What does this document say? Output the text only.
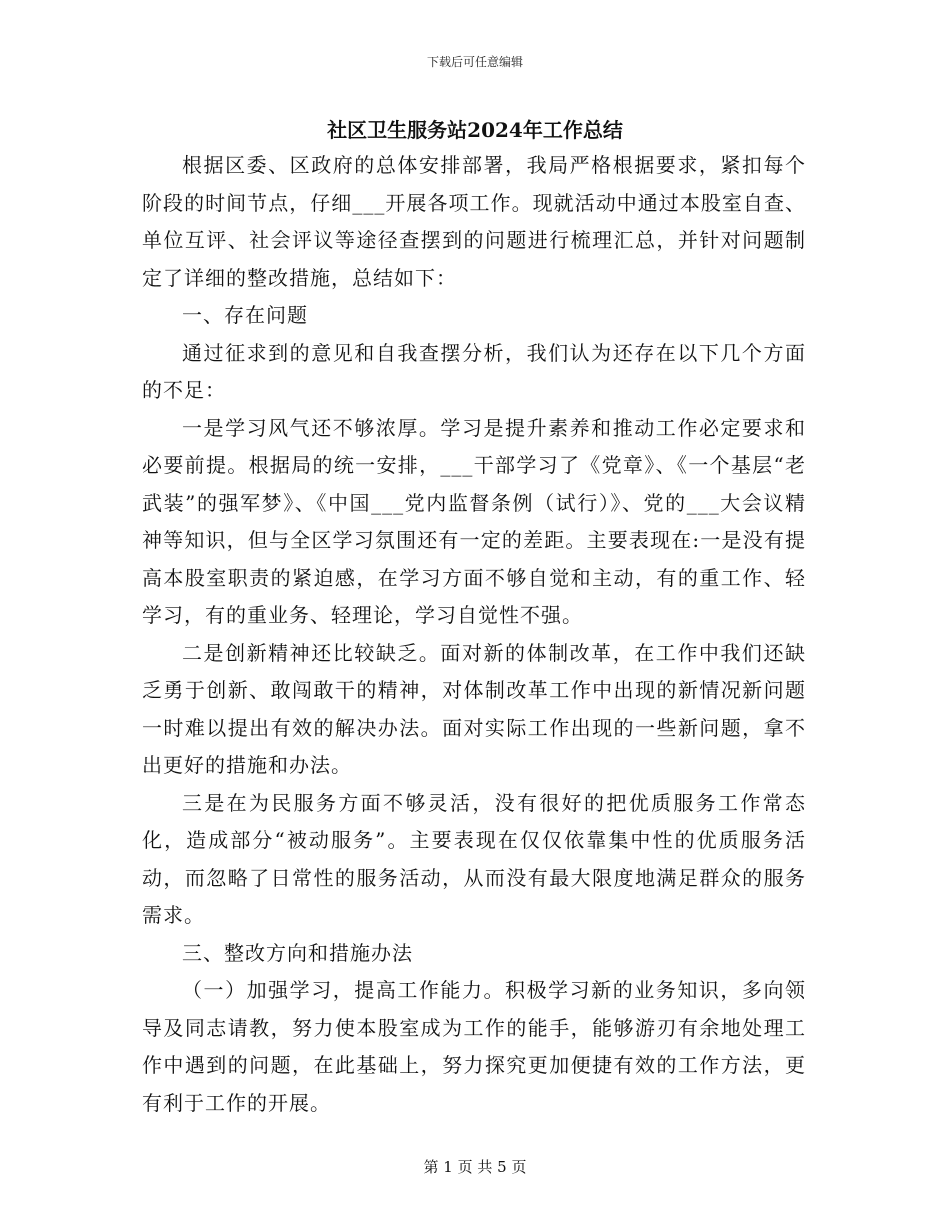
下载后可任意编辑
社区卫生服务站2024年工作总结

根据区委、区政府的总体安排部署，我局严格根据要求，紧扣每个阶段的时间节点，仔细___开展各项工作。现就活动中通过本股室自查、单位互评、社会评议等途径查摆到的问题进行梳理汇总，并针对问题制定了详细的整改措施，总结如下：

一、存在问题

通过征求到的意见和自我查摆分析，我们认为还存在以下几个方面的不足：

一是学习风气还不够浓厚。学习是提升素养和推动工作必定要求和必要前提。根据局的统一安排，___干部学习了《党章》、《一个基层“老武装”的强军梦》、《中国___党内监督条例（试行）》、党的___大会议精神等知识，但与全区学习氛围还有一定的差距。主要表现在:一是没有提高本股室职责的紧迫感，在学习方面不够自觉和主动，有的重工作、轻学习，有的重业务、轻理论，学习自觉性不强。

二是创新精神还比较缺乏。面对新的体制改革，在工作中我们还缺乏勇于创新、敢闯敢干的精神，对体制改革工作中出现的新情况新问题一时难以提出有效的解决办法。面对实际工作出现的一些新问题，拿不出更好的措施和办法。

三是在为民服务方面不够灵活，没有很好的把优质服务工作常态化，造成部分“被动服务”。主要表现在仅仅依靠集中性的优质服务活动，而忽略了日常性的服务活动，从而没有最大限度地满足群众的服务需求。

三、整改方向和措施办法

（一）加强学习，提高工作能力。积极学习新的业务知识，多向领导及同志请教，努力使本股室成为工作的能手，能够游刃有余地处理工作中遇到的问题，在此基础上，努力探究更加便捷有效的工作方法，更有利于工作的开展。

第 1 页 共 5 页
